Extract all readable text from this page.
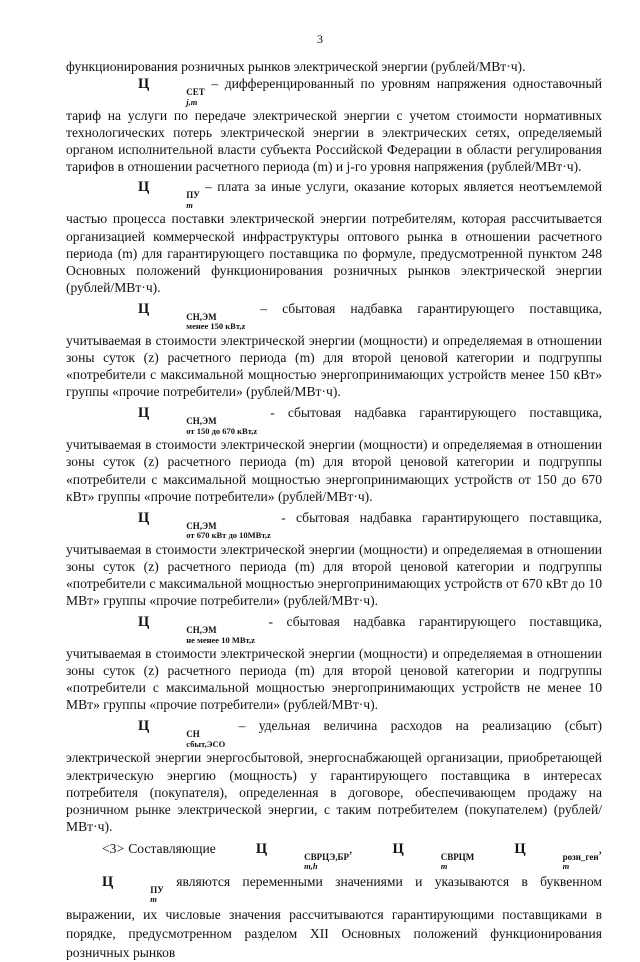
3

функционирования розничных рынков электрической энергии (рублей/МВт·ч).

Ц	СЕТ
j,m
– дифференцированный по уровням напряжения одноставочный тариф на услуги по передаче электрической энергии с учетом стоимости нормативных технологических потерь электрической энергии в электрических сетях, определяемый органом исполнительной власти субъекта Российской Федерации в области регулирования тарифов в отношении расчетного периода (m) и j-го уровня напряжения (рублей/МВт·ч).

Ц	ПУ
m
– плата за иные услуги, оказание которых является неотъемлемой частью процесса поставки электрической энергии потребителям, которая рассчитывается организацией коммерческой инфраструктуры оптового рынка в отношении расчетного периода (m) для гарантирующего поставщика по формуле, предусмотренной пунктом 248 Основных положений функционирования розничных рынков электрической энергии (рублей/МВт·ч).

Ц	СН,ЭМ
менее 150 кВт,z
– сбытовая надбавка гарантирующего поставщика, учитываемая в стоимости электрической энергии (мощности) и определяемая в отношении зоны суток (z) расчетного периода (m) для второй ценовой категории и подгруппы «потребители с максимальной мощностью энергопринимающих устройств менее 150 кВт» группы «прочие потребители» (рублей/МВт·ч).

Ц	СН,ЭМ
от 150 до 670 кВт,z
- сбытовая надбавка гарантирующего поставщика, учитываемая в стоимости электрической энергии (мощности) и определяемая в отношении зоны суток (z) расчетного периода (m) для второй ценовой категории и подгруппы «потребители с максимальной мощностью энергопринимающих устройств от 150 до 670 кВт» группы «прочие потребители» (рублей/МВт·ч).

Ц	СН,ЭМ
от 670 кВт до 10МВт,z
- сбытовая надбавка гарантирующего поставщика, учитываемая в стоимости электрической энергии (мощности) и определяемая в отношении зоны суток (z) расчетного периода (m) для второй ценовой категории и подгруппы «потребители с максимальной мощностью энергопринимающих устройств от 670 кВт до 10 МВт» группы «прочие потребители» (рублей/МВт·ч).

Ц	СН,ЭМ
не менее 10 МВт,z
- сбытовая надбавка гарантирующего поставщика, учитываемая в стоимости электрической энергии (мощности) и определяемая в отношении зоны суток (z) расчетного периода (m) для второй ценовой категории и подгруппы «потребители с максимальной мощностью энергопринимающих устройств не менее 10 МВт» группы «прочие потребители» (рублей/МВт·ч).

Ц	СН
сбыт,ЭСО
– удельная величина расходов на реализацию (сбыт) электрической энергии энергосбытовой, энергоснабжающей организации, приобретающей электрическую энергию (мощность) у гарантирующего поставщика в интересах потребителя (покупателя), определенная в договоре, обеспечивающем продажу на розничном рынке электрической энергии, с таким потребителем (покупателем) (рублей/МВт·ч).

<3> Составляющие Ц	СВРЦЭ,БР
m,h
, Ц	СВРЦМ
m
Ц	розн_ген
m
, Ц	ПУ
m
являются переменными значениями и указываются в буквенном выражении, их числовые значения рассчитываются гарантирующими поставщиками в порядке, предусмотренном разделом XII Основных положений функционирования розничных рынков
